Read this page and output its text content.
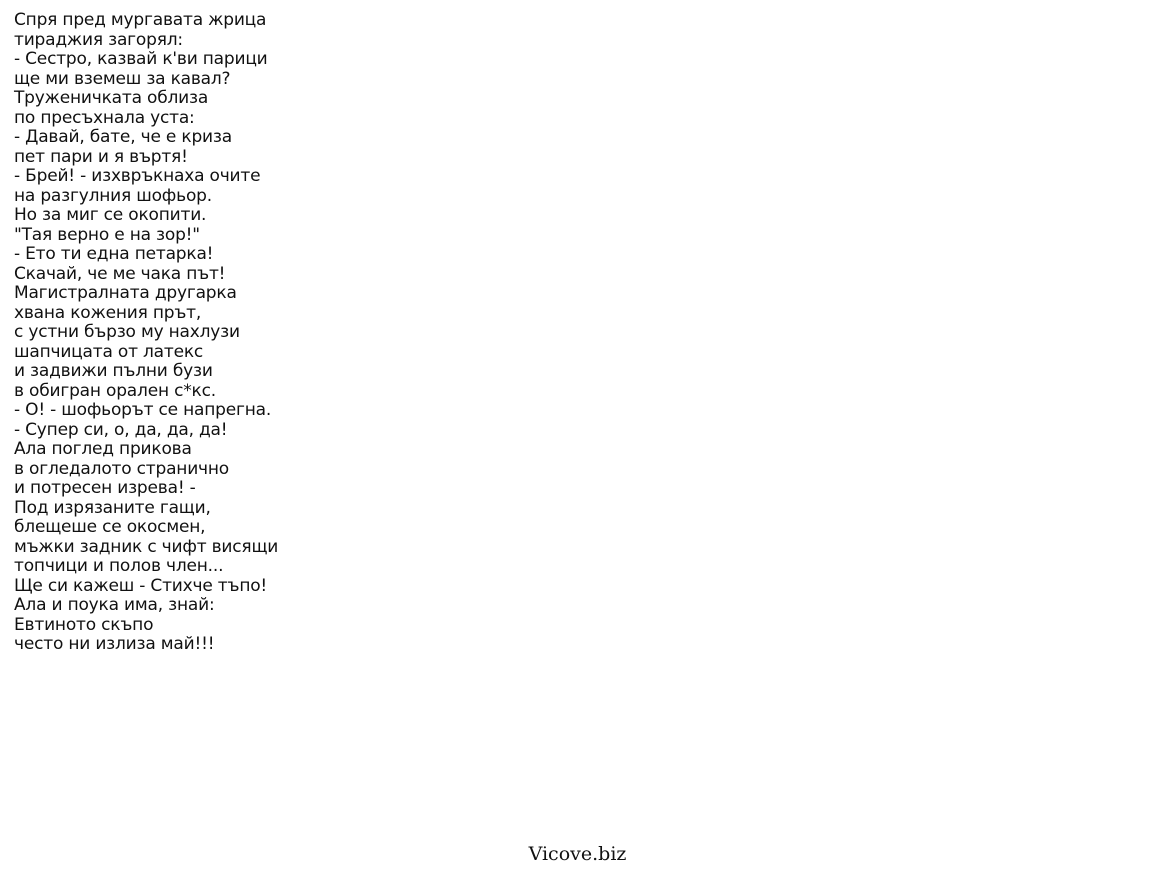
Спря пред мургавата жрица
тираджия загорял:
- Сестро, казвай к'ви парици
ще ми вземеш за кавал?
Труженичката облиза
по пресъхнала уста:
- Давай, бате, че е криза
пет пари и я въртя!
- Брей! - изхвръкнаха очите
на разгулния шофьор.
Но за миг се окопити.
"Тая верно е на зор!"
- Ето ти една петарка!
Скачай, че ме чака път!
Магистралната другарка
хвана кожения прът,
с устни бързо му нахлузи
шапчицата от латекс
и задвижи пълни бузи
в обигран орален с*кс.
- О! - шофьорът се напрегна.
- Супер си, о, да, да, да!
Ала поглед прикова
в огледалото странично
и потресен изрева! -
Под изрязаните гащи,
блещеше се окосмен,
мъжки задник с чифт висящи
топчици и полов член...
Ще си кажеш - Стихче тъпо!
Ала и поука има, знай:
Евтиното скъпо
често ни излиза май!!!
Vicove.biz
